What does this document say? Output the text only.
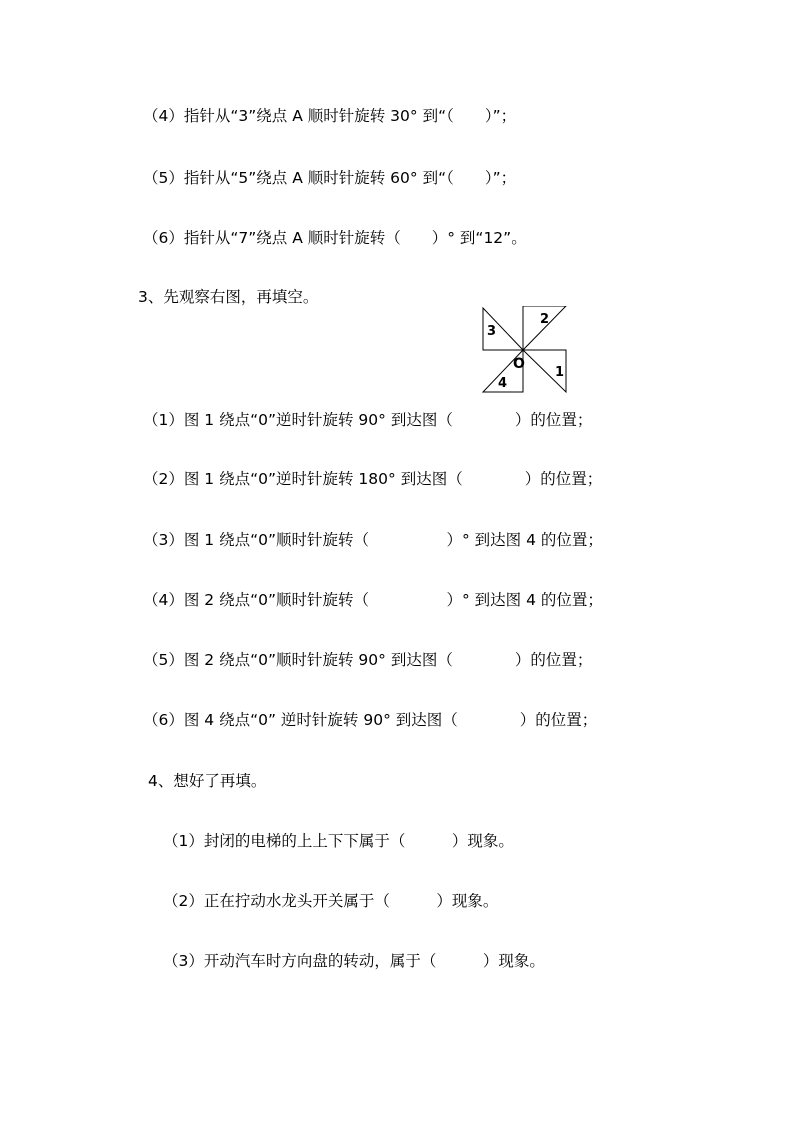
（4）指针从“3”绕点 A 顺时针旋转 30° 到“（　　）”；
（5）指针从“5”绕点 A 顺时针旋转 60° 到“（　　）”；
（6）指针从“7”绕点 A 顺时针旋转（　　）° 到“12”。
3、先观察右图，再填空。
1
2
3
4
O
（1）图 1 绕点“0”逆时针旋转 90° 到达图（　　　　）的位置；
（2）图 1 绕点“0”逆时针旋转 180° 到达图（　　　　）的位置；
（3）图 1 绕点“0”顺时针旋转（　　　　　）° 到达图 4 的位置；
（4）图 2 绕点“0”顺时针旋转（　　　　　）° 到达图 4 的位置；
（5）图 2 绕点“0”顺时针旋转 90° 到达图（　　　　）的位置；
（6）图 4 绕点“0” 逆时针旋转 90° 到达图（　　　　）的位置；
4、想好了再填。
（1）封闭的电梯的上上下下属于（　　　）现象。
（2）正在拧动水龙头开关属于（　　　）现象。
（3）开动汽车时方向盘的转动，属于（　　　）现象。
